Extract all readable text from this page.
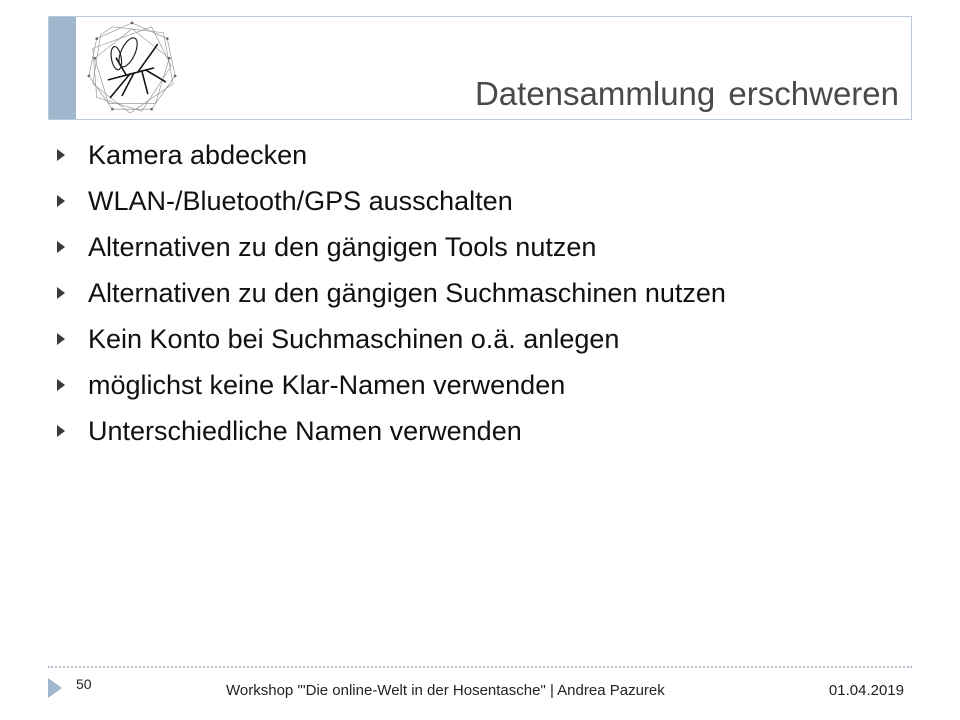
Datensammlung erschweren
Kamera abdecken
WLAN-/Bluetooth/GPS ausschalten
Alternativen zu den gängigen Tools nutzen
Alternativen zu den gängigen Suchmaschinen nutzen
Kein Konto bei Suchmaschinen o.ä. anlegen
möglichst keine Klar-Namen verwenden
Unterschiedliche Namen verwenden
50	Workshop '"Die online-Welt in der Hosentasche" | Andrea Pazurek	01.04.2019
